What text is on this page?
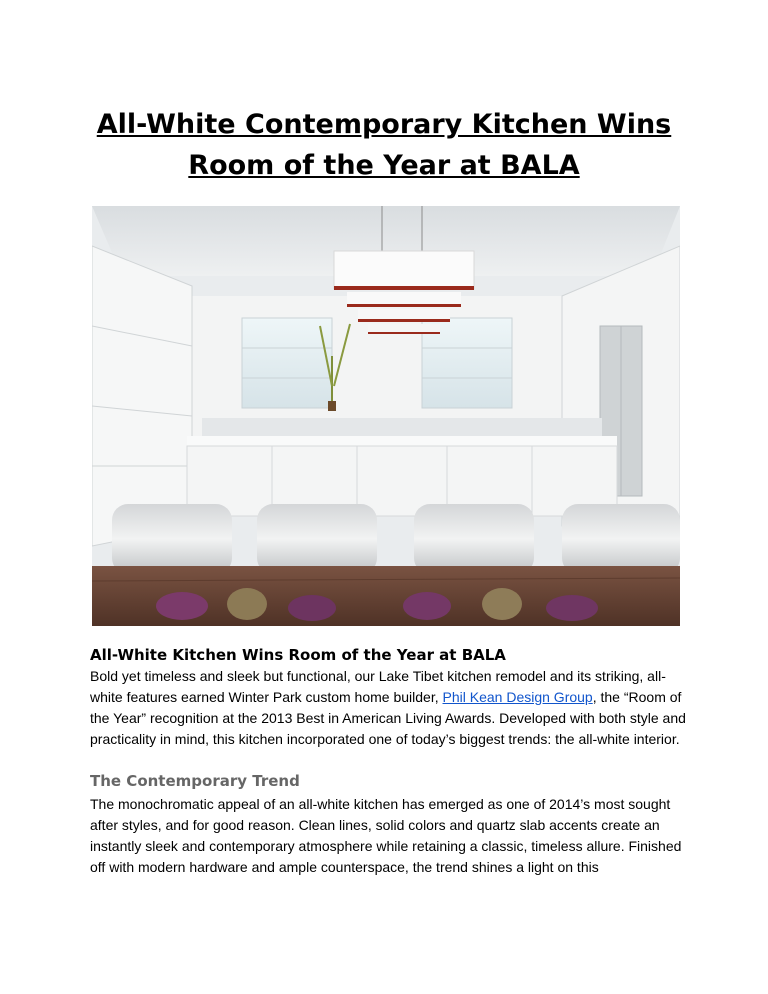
All-White Contemporary Kitchen Wins
Room of the Year at BALA
All-White Kitchen Wins Room of the Year at BALA

Bold yet timeless and sleek but functional, our Lake Tibet kitchen remodel and its striking, all-white features earned Winter Park custom home builder, Phil Kean Design Group, the “Room of the Year” recognition at the 2013 Best in American Living Awards. Developed with both style and practicality in mind, this kitchen incorporated one of today’s biggest trends: the all-white interior.

The Contemporary Trend

The monochromatic appeal of an all-white kitchen has emerged as one of 2014’s most sought after styles, and for good reason. Clean lines, solid colors and quartz slab accents create an instantly sleek and contemporary atmosphere while retaining a classic, timeless allure. Finished off with modern hardware and ample counterspace, the trend shines a light on this
